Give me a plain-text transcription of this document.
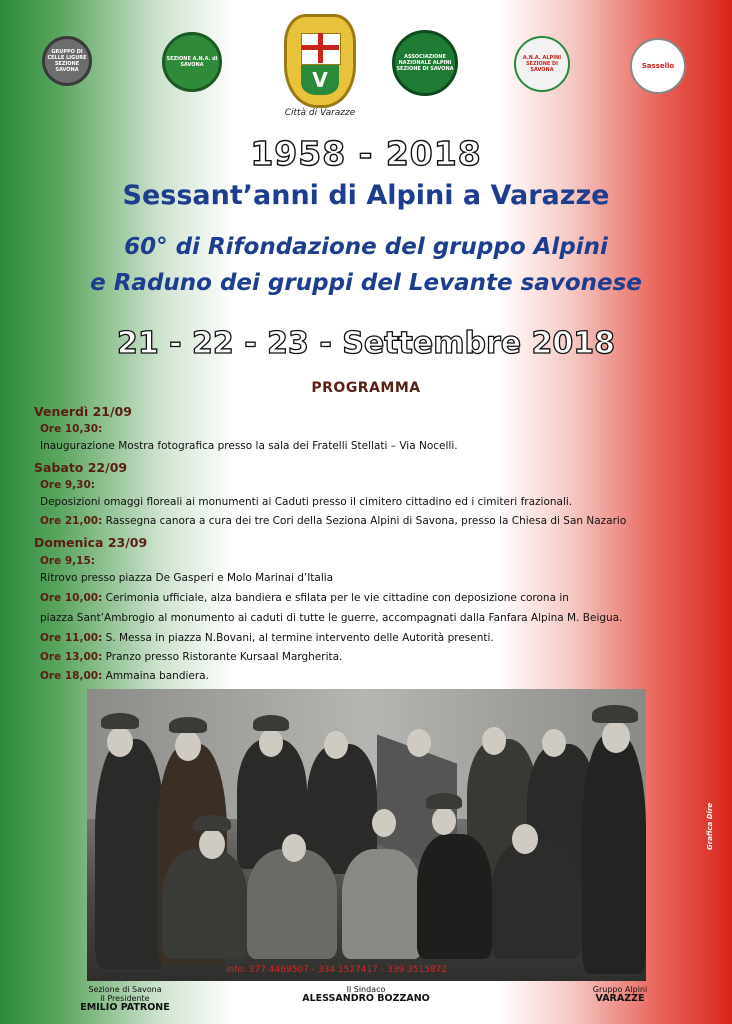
GRUPPO DI CELLE LIGURE SEZIONE SAVONA
SEZIONE A.N.A. di SAVONA
V
ASSOCIAZIONE NAZIONALE ALPINI SEZIONE DI SAVONA
A.N.A. ALPINI SEZIONE DI SAVONA	Sassello
Città di Varazze
1958 - 2018
Sessant’anni di Alpini a Varazze
60° di Rifondazione del gruppo Alpini
e Raduno dei gruppi del Levante savonese
21 - 22 - 23 - Settembre 2018
PROGRAMMA
Venerdì 21/09
Ore 10,30:
Inaugurazione Mostra fotografica presso la sala dei Fratelli Stellati – Via Nocelli.
Sabato 22/09
Ore 9,30:
Deposizioni omaggi floreali ai monumenti ai Caduti presso il cimitero cittadino ed i cimiteri frazionali.
Ore 21,00: Rassegna canora a cura dei tre Cori della Seziona Alpini di Savona, presso la Chiesa di San Nazario
Domenica 23/09
Ore 9,15:
Ritrovo presso piazza De Gasperi e Molo Marinai d’Italia
Ore 10,00: Cerimonia ufficiale, alza bandiera e sfilata per le vie cittadine con deposizione corona in
piazza Sant’Ambrogio al monumento ai caduti di tutte le guerre, accompagnati dalla Fanfara Alpina M. Beigua.
Ore 11,00: S. Messa in piazza N.Bovani, al termine intervento delle Autorità presenti.
Ore 13,00: Pranzo presso Ristorante Kursaal Margherita.
Ore 18,00: Ammaina bandiera.
info: 377 4469507 - 334 1527417 - 339 3515872
Sezione di Savona
il Presidente
EMILIO PATRONE
Il Sindaco
ALESSANDRO BOZZANO
Gruppo Alpini
VARAZZE
Grafica Dire
